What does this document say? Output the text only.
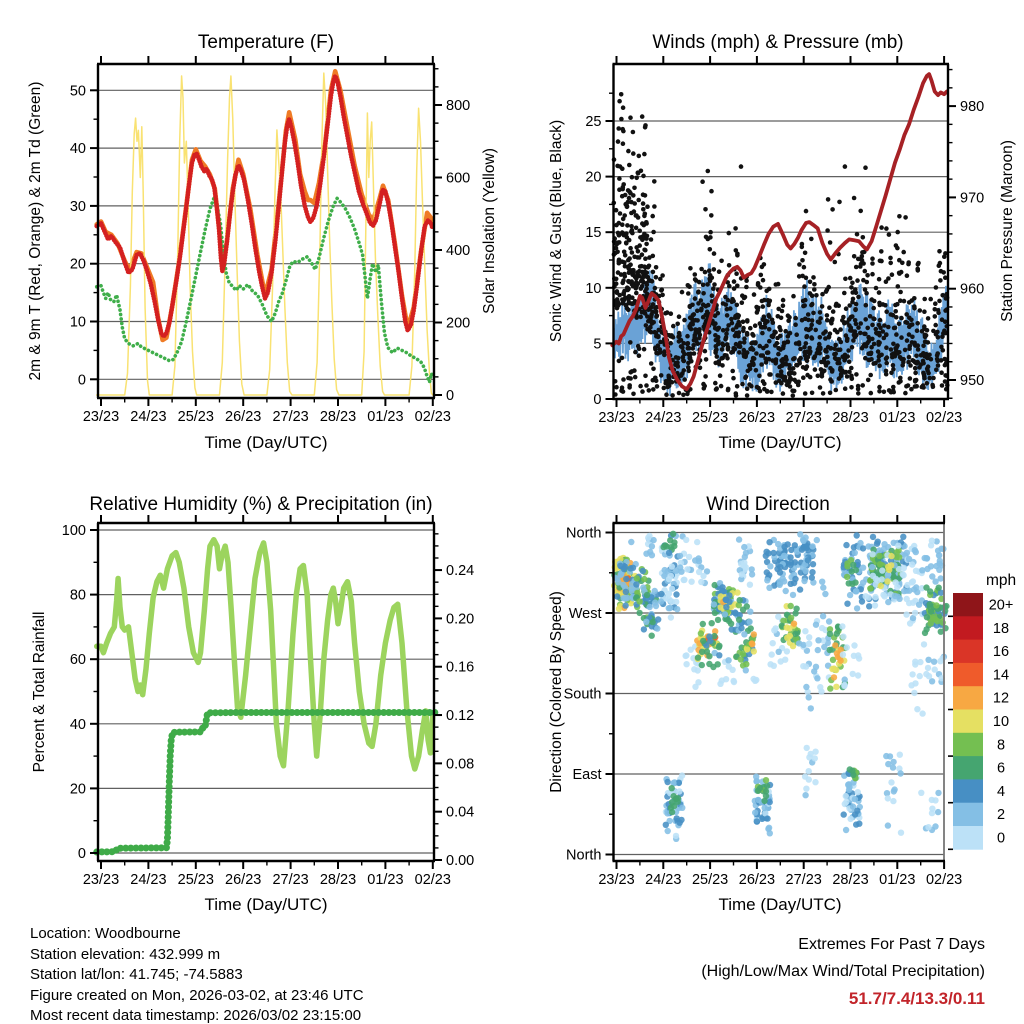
23/23 24/23 25/23 26/23 27/23 28/23 01/23 02/23
0
10
20
30
40
50
0
200
400
600
800
23/23 24/23 25/23 26/23 27/23 28/23 01/23 02/23
0
5
10
15
20
25
950
960
970
980
23/23 24/23 25/23 26/23 27/23 28/23 01/23 02/23
0
20
40
60
80
100
0.00
0.04
0.08
0.12
0.16
0.20
0.24
23/23 24/23 25/23 26/23 27/23 28/23 01/23 02/23
North
West
South
East
North
20+
18
16
14
12
10
8
6
4
2
0
Temperature (F)	Winds (mph) & Pressure (mb)
Relative Humidity (%) & Precipitation (in)	Wind Direction
Time (Day/UTC)	Time (Day/UTC)
Time (Day/UTC)	Time (Day/UTC)
2m & 9m T (Red, Orange) & 2m Td (Green)	Solar Insolation (Yellow)	Sonic Wind & Gust (Blue, Black)	Station Pressure (Maroon)
Percent & Total Rainfall	Direction (Colored By Speed)
mph
Location: Woodbourne
Station elevation: 432.999 m
Station lat/lon: 41.745; -74.5883
Figure created on Mon, 2026-03-02, at 23:46 UTC
Most recent data timestamp: 2026/03/02 23:15:00
Extremes For Past 7 Days
(High/Low/Max Wind/Total Precipitation)
51.7/7.4/13.3/0.11
